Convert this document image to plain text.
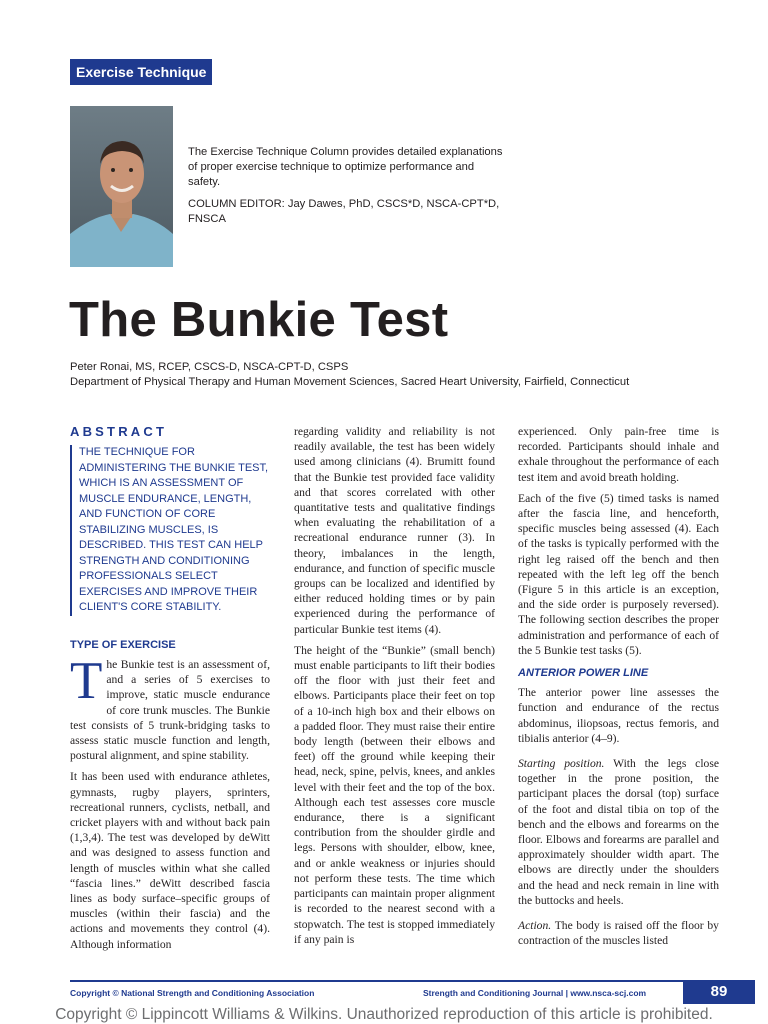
Exercise Technique

The Exercise Technique Column provides detailed explanations of proper exercise technique to optimize performance and safety.

COLUMN EDITOR: Jay Dawes, PhD, CSCS*D, NSCA-CPT*D, FNSCA

The Bunkie Test
Peter Ronai, MS, RCEP, CSCS-D, NSCA-CPT-D, CSPS
Department of Physical Therapy and Human Movement Sciences, Sacred Heart University, Fairfield, Connecticut
ABSTRACT
THE TECHNIQUE FOR ADMINISTERING THE BUNKIE TEST, WHICH IS AN ASSESSMENT OF MUSCLE ENDURANCE, LENGTH, AND FUNCTION OF CORE STABILIZING MUSCLES, IS DESCRIBED. THIS TEST CAN HELP STRENGTH AND CONDITIONING PROFESSIONALS SELECT EXERCISES AND IMPROVE THEIR CLIENT'S CORE STABILITY.
TYPE OF EXERCISE

The Bunkie test is an assessment of, and a series of 5 exercises to improve, static muscle endurance of core trunk muscles. The Bunkie test consists of 5 trunk-bridging tasks to assess static muscle function and length, postural alignment, and spine stability.

It has been used with endurance athletes, gymnasts, rugby players, sprinters, recreational runners, cyclists, netball, and cricket players with and without back pain (1,3,4). The test was developed by deWitt and was designed to assess function and length of muscles within what she called “fascia lines.” deWitt described fascia lines as body surface–specific groups of muscles (within their fascia) and the actions and movements they control (4). Although information

regarding validity and reliability is not readily available, the test has been widely used among clinicians (4). Brumitt found that the Bunkie test provided face validity and that scores correlated with other quantitative tests and qualitative findings when evaluating the rehabilitation of a recreational endurance runner (3). In theory, imbalances in the length, endurance, and function of specific muscle groups can be localized and identified by either reduced holding times or by pain experienced during the performance of particular Bunkie test items (4).

The height of the “Bunkie” (small bench) must enable participants to lift their bodies off the floor with just their feet and elbows. Participants place their feet on top of a 10-inch high box and their elbows on a padded floor. They must raise their entire body length (between their elbows and feet) off the ground while keeping their head, neck, spine, pelvis, knees, and ankles level with their feet and the top of the box. Although each test assesses core muscle endurance, there is a significant contribution from the shoulder girdle and legs. Persons with shoulder, elbow, knee, and or ankle weakness or injuries should not perform these tests. The time which participants can maintain proper alignment is recorded to the nearest second with a stopwatch. The test is stopped immediately if any pain is

experienced. Only pain-free time is recorded. Participants should inhale and exhale throughout the performance of each test item and avoid breath holding.

Each of the five (5) timed tasks is named after the fascia line, and henceforth, specific muscles being assessed (4). Each of the tasks is typically performed with the right leg raised off the bench and then repeated with the left leg off the bench (Figure 5 in this article is an exception, and the side order is purposely reversed). The following section describes the proper administration and performance of each of the 5 Bunkie test tasks (5).

ANTERIOR POWER LINE

The anterior power line assesses the function and endurance of the rectus abdominus, iliopsoas, rectus femoris, and tibialis anterior (4–9).

Starting position. With the legs close together in the prone position, the participant places the dorsal (top) surface of the foot and distal tibia on top of the bench and the elbows and forearms on the floor. Elbows and forearms are parallel and approximately shoulder width apart. The elbows are directly under the shoulders and the head and neck remain in line with the buttocks and heels.

Action. The body is raised off the floor by contraction of the muscles listed

Copyright © National Strength and Conditioning Association	Strength and Conditioning Journal | www.nsca-scj.com	89
Copyright © Lippincott Williams & Wilkins. Unauthorized reproduction of this article is prohibited.
